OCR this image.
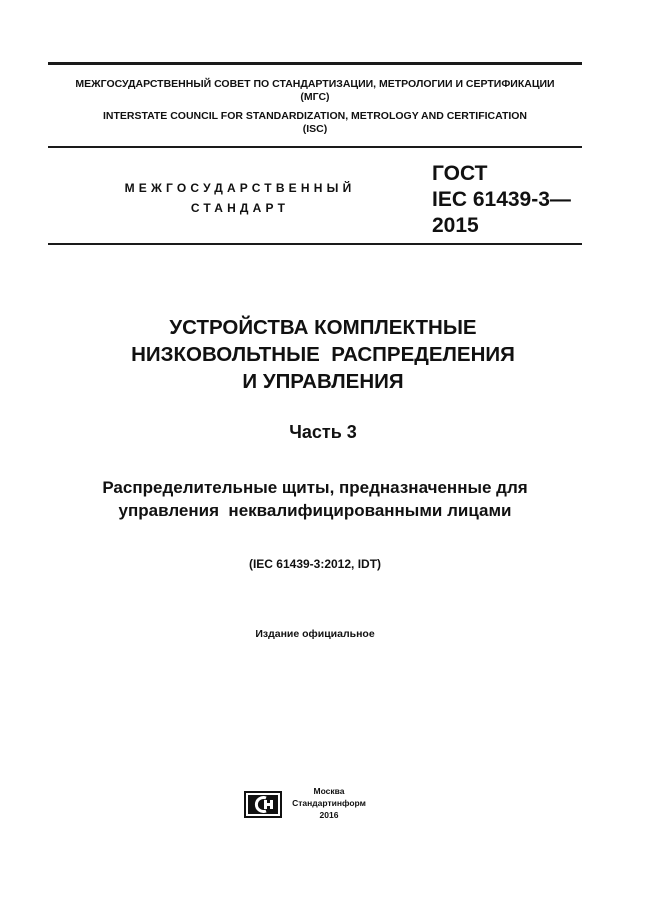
МЕЖГОСУДАРСТВЕННЫЙ СОВЕТ ПО СТАНДАРТИЗАЦИИ, МЕТРОЛОГИИ И СЕРТИФИКАЦИИ
(МГС)
INTERSTATE COUNCIL FOR STANDARDIZATION, METROLOGY AND CERTIFICATION
(ISC)
МЕЖГОСУДАРСТВЕННЫЙ
СТАНДАРТ
ГОСТ
IEC 61439-3—
2015
УСТРОЙСТВА КОМПЛЕКТНЫЕ
НИЗКОВОЛЬТНЫЕ  РАСПРЕДЕЛЕНИЯ
И УПРАВЛЕНИЯ
Часть 3
Распределительные щиты, предназначенные для
управления  неквалифицированными лицами
(IEC 61439-3:2012, IDT)
Издание официальное
Москва
Стандартинформ
2016
